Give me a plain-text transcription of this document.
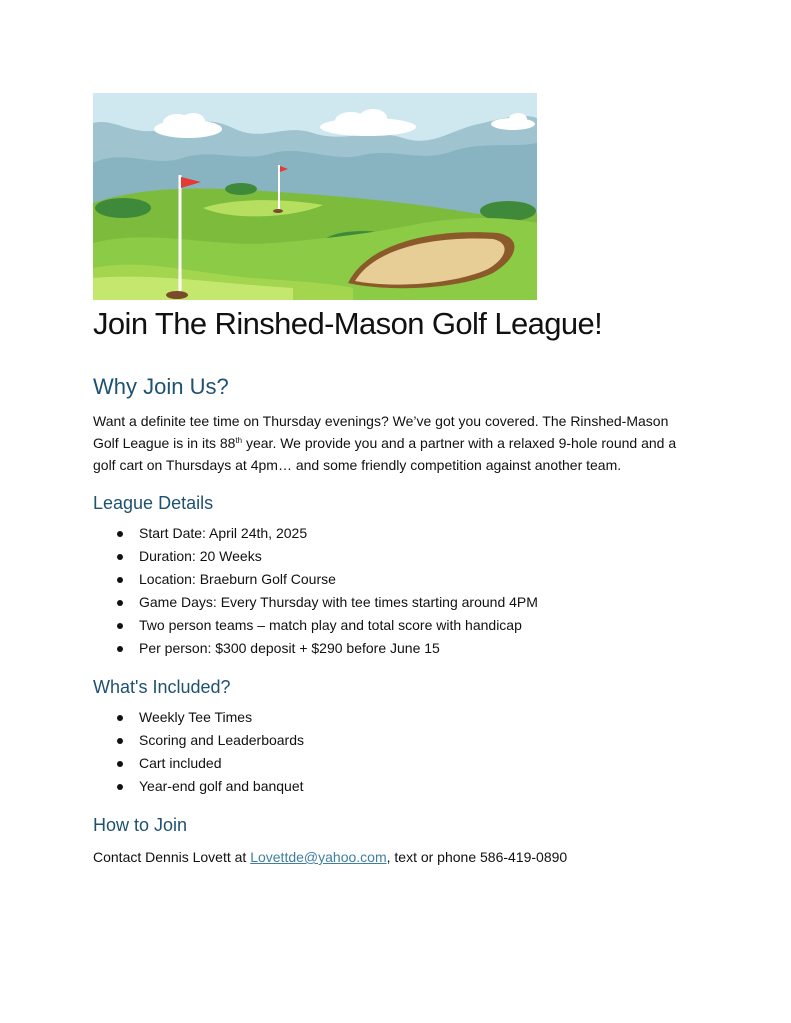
Join The Rinshed-Mason Golf League!
Why Join Us?

Want a definite tee time on Thursday evenings? We’ve got you covered. The Rinshed-Mason Golf League is in its 88th year. We provide you and a partner with a relaxed 9-hole round and a golf cart on Thursdays at 4pm… and some friendly competition against another team.

League Details
Start Date: April 24th, 2025
Duration: 20 Weeks
Location: Braeburn Golf Course
Game Days: Every Thursday with tee times starting around 4PM
Two person teams – match play and total score with handicap
Per person: $300 deposit + $290 before June 15
What's Included?
Weekly Tee Times
Scoring and Leaderboards
Cart included
Year-end golf and banquet
How to Join

Contact Dennis Lovett at Lovettde@yahoo.com, text or phone 586-419-0890
